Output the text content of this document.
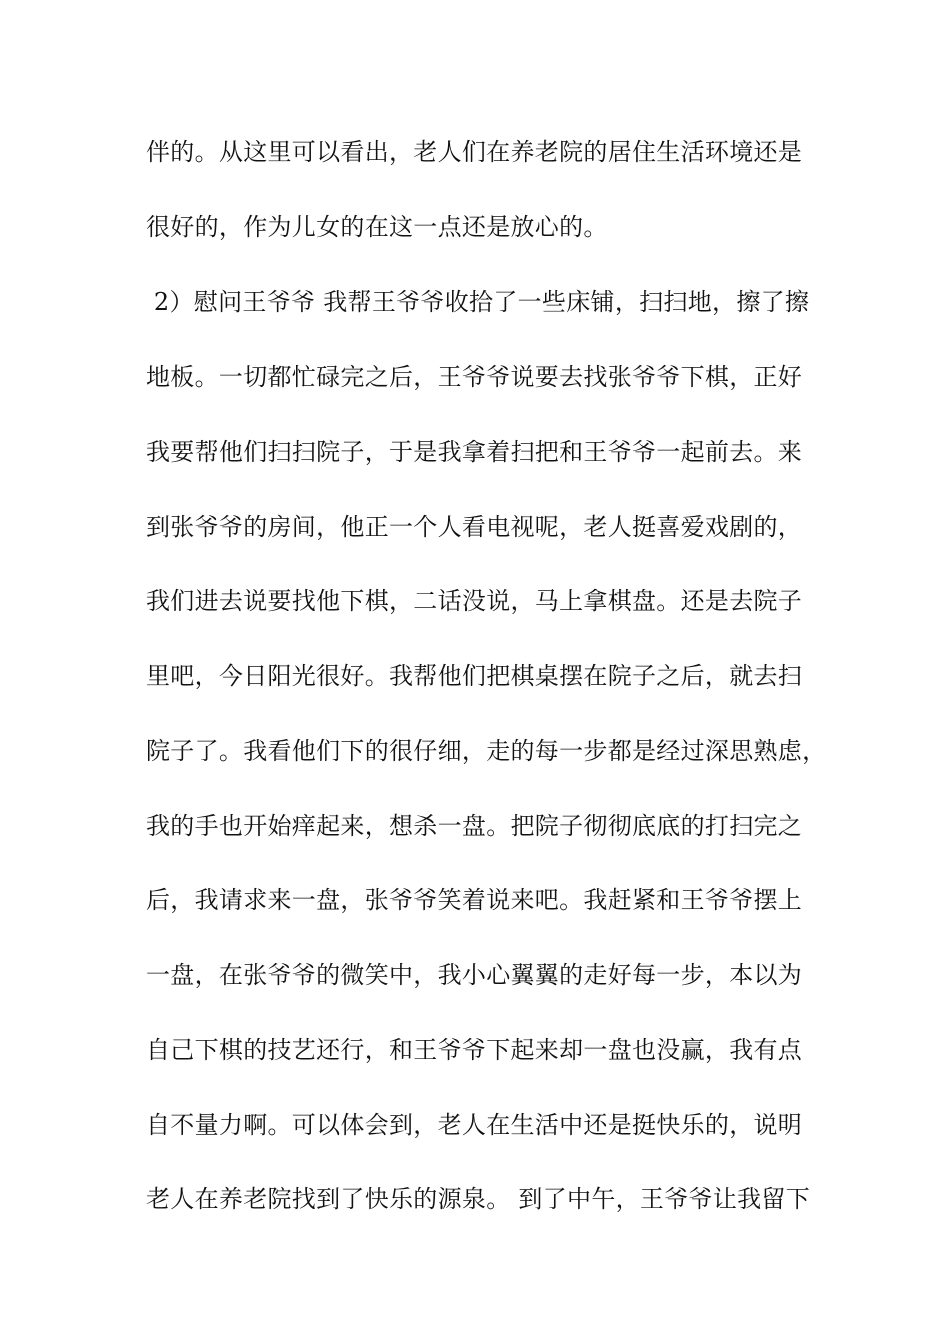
伴的。从这里可以看出，老人们在养老院的居住生活环境还是
很好的，作为儿女的在这一点还是放心的。
2）慰问王爷爷 我帮王爷爷收拾了一些床铺，扫扫地，擦了擦
地板。一切都忙碌完之后，王爷爷说要去找张爷爷下棋，正好
我要帮他们扫扫院子，于是我拿着扫把和王爷爷一起前去。来
到张爷爷的房间，他正一个人看电视呢，老人挺喜爱戏剧的，
我们进去说要找他下棋，二话没说，马上拿棋盘。还是去院子
里吧，今日阳光很好。我帮他们把棋桌摆在院子之后，就去扫
院子了。我看他们下的很仔细，走的每一步都是经过深思熟虑，
我的手也开始痒起来，想杀一盘。把院子彻彻底底的打扫完之
后，我请求来一盘，张爷爷笑着说来吧。我赶紧和王爷爷摆上
一盘，在张爷爷的微笑中，我小心翼翼的走好每一步，本以为
自己下棋的技艺还行，和王爷爷下起来却一盘也没赢，我有点
自不量力啊。可以体会到，老人在生活中还是挺快乐的，说明
老人在养老院找到了快乐的源泉。 到了中午，王爷爷让我留下
